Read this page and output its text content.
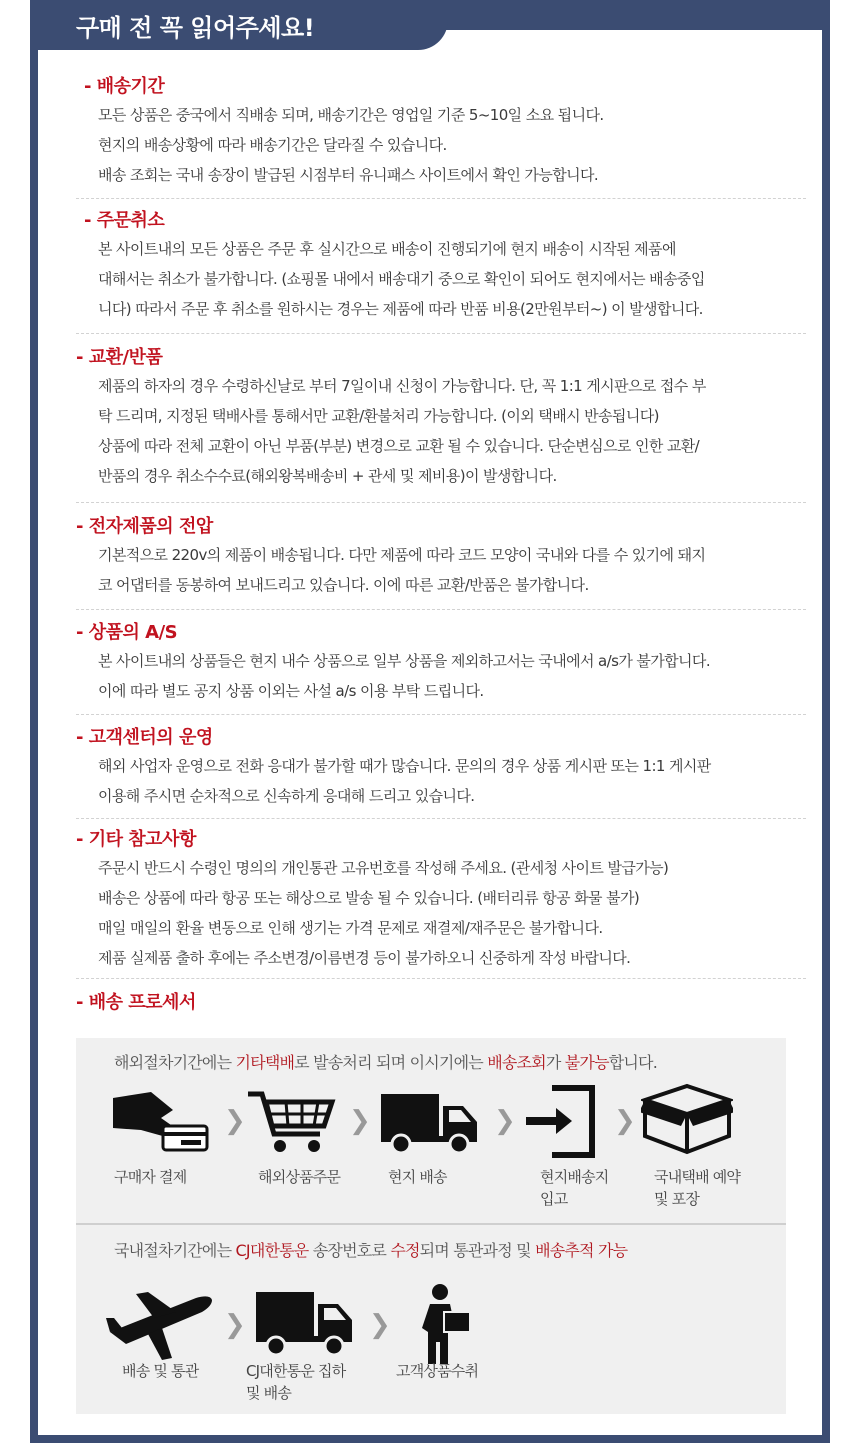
구매 전 꼭 읽어주세요!
- 배송기간
모든 상품은 중국에서 직배송 되며, 배송기간은 영업일 기준 5~10일 소요 됩니다.
현지의 배송상황에 따라 배송기간은 달라질 수 있습니다.
배송 조회는 국내 송장이 발급된 시점부터 유니패스 사이트에서 확인 가능합니다.
- 주문취소
본 사이트내의 모든 상품은 주문 후 실시간으로 배송이 진행되기에 현지 배송이 시작된 제품에
대해서는 취소가 불가합니다. (쇼핑몰 내에서 배송대기 중으로 확인이 되어도 현지에서는 배송중입
니다) 따라서 주문 후 취소를 원하시는 경우는 제품에 따라 반품 비용(2만원부터~) 이 발생합니다.
- 교환/반품
제품의 하자의 경우 수령하신날로 부터 7일이내 신청이 가능합니다. 단, 꼭 1:1 게시판으로 접수 부
탁 드리며, 지정된 택배사를 통해서만 교환/환불처리 가능합니다. (이외 택배시 반송됩니다)
상품에 따라 전체 교환이 아닌 부품(부분) 변경으로 교환 될 수 있습니다. 단순변심으로 인한 교환/
반품의 경우 취소수수료(해외왕복배송비 + 관세 및 제비용)이 발생합니다.
- 전자제품의 전압
기본적으로 220v의 제품이 배송됩니다. 다만 제품에 따라 코드 모양이 국내와 다를 수 있기에 돼지
코 어댑터를 동봉하여 보내드리고 있습니다. 이에 따른 교환/반품은 불가합니다.
- 상품의 A/S
본 사이트내의 상품들은 현지 내수 상품으로 일부 상품을 제외하고서는 국내에서 a/s가 불가합니다.
이에 따라 별도 공지 상품 이외는 사설 a/s 이용 부탁 드립니다.
- 고객센터의 운영
해외 사업자 운영으로 전화 응대가 불가할 때가 많습니다. 문의의 경우 상품 게시판 또는 1:1 게시판
이용해 주시면 순차적으로 신속하게 응대해 드리고 있습니다.
- 기타 참고사항
주문시 반드시 수령인 명의의 개인통관 고유번호를 작성해 주세요. (관세청 사이트 발급가능)
배송은 상품에 따라 항공 또는 해상으로 발송 될 수 있습니다. (배터리류 항공 화물 불가)
매일 매일의 환율 변동으로 인해 생기는 가격 문제로 재결제/재주문은 불가합니다.
제품 실제품 출하 후에는 주소변경/이름변경 등이 불가하오니 신중하게 작성 바랍니다.
- 배송 프로세서
해외절차기간에는 기타택배로 발송처리 되며 이시기에는 배송조회가 불가능합니다.
❯	❯	❯	❯
구매자 결제	해외상품주문	현지 배송	현지배송지
입고
국내택배 예약
및 포장
국내절차기간에는 CJ대한통운 송장번호로 수정되며 통관과정 및 배송추적 가능
❯	❯
배송 및 통관	CJ대한통운 집하
및 배송
고객상품수취
